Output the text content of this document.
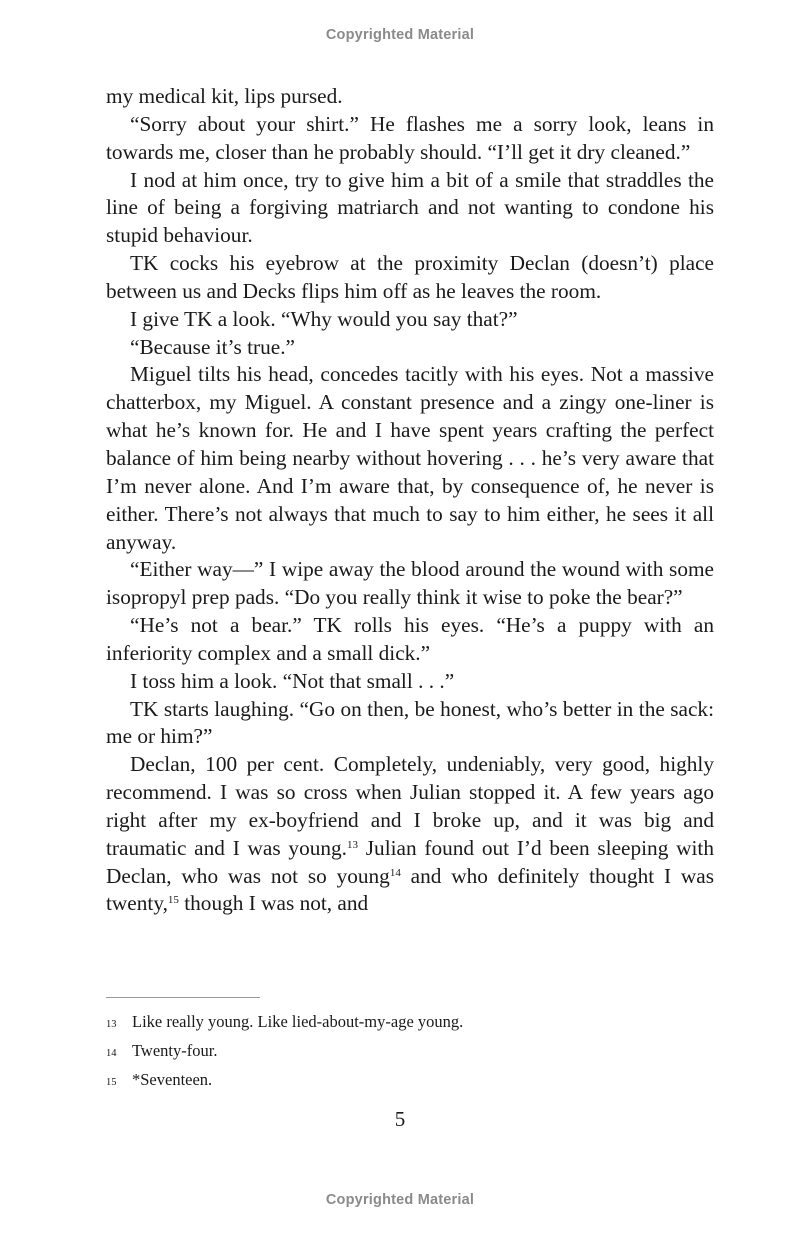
Copyrighted Material

my medical kit, lips pursed.

“Sorry about your shirt.” He flashes me a sorry look, leans in towards me, closer than he probably should. “I’ll get it dry cleaned.”

I nod at him once, try to give him a bit of a smile that straddles the line of being a forgiving matriarch and not wanting to condone his stupid behaviour.

TK cocks his eyebrow at the proximity Declan (doesn’t) place between us and Decks flips him off as he leaves the room.

I give TK a look. “Why would you say that?”

“Because it’s true.”

Miguel tilts his head, concedes tacitly with his eyes. Not a massive chatterbox, my Miguel. A constant presence and a zingy one-liner is what he’s known for. He and I have spent years crafting the perfect balance of him being nearby without hovering . . . he’s very aware that I’m never alone. And I’m aware that, by consequence of, he never is either. There’s not always that much to say to him either, he sees it all anyway.

“Either way—” I wipe away the blood around the wound with some isopropyl prep pads. “Do you really think it wise to poke the bear?”

“He’s not a bear.” TK rolls his eyes. “He’s a puppy with an inferiority complex and a small dick.”

I toss him a look. “Not that small . . .”

TK starts laughing. “Go on then, be honest, who’s better in the sack: me or him?”

Declan, 100 per cent. Completely, undeniably, very good, highly recommend. I was so cross when Julian stopped it. A few years ago right after my ex-boyfriend and I broke up, and it was big and traumatic and I was young.$^{13}$ Julian found out I’d been sleeping with Declan, who was not so young$^{14}$ and who definitely thought I was twenty,$^{15}$ though I was not, and

13 Like really young. Like lied-about-my-age young.
14 Twenty-four.
15 *Seventeen.
5
Copyrighted Material
